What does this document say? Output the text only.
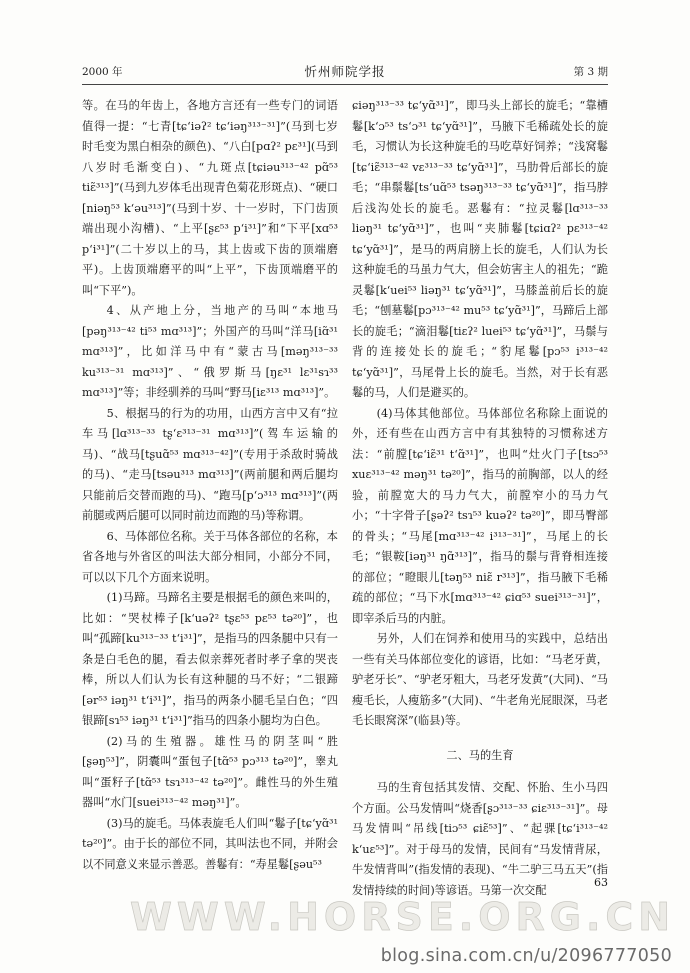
2000 年	忻州师院学报	第 3 期

等。在马的年齿上，各地方言还有一些专门的词语值得一提：“七青[tɕʻiəʔ² tɕʻiəŋ³¹³⁻³¹]”(马到七岁时毛变为黑白相杂的颜色)、“八白[pɑʔ² pɛ³¹](马到八岁时毛渐变白)、“九斑点[tɕiəu³¹³⁻⁴² pɑ̃⁵³ tiɛ̃³¹³]”(马到九岁体毛出现青色菊花形斑点)、“硬口[niəŋ⁵³ kʻəu³¹³]”(马到十岁、十一岁时，下门齿顶端出现小沟槽)、“上平[ʂɛ⁵³ pʻi³¹]”和“下平[xɑ⁵³ pʻi³¹]”(二十岁以上的马，其上齿或下齿的顶端磨平)。上齿顶端磨平的叫“上平”，下齿顶端磨平的叫“下平”)。

4、从产地上分，当地产的马叫“本地马[pəŋ³¹³⁻⁴² ti⁵³ mɑ³¹³]”；外国产的马叫“洋马[iɑ̃³¹ mɑ³¹³]”，比如洋马中有“蒙古马[məŋ³¹³⁻³³ ku³¹³⁻³¹ mɑ³¹³]”、“俄罗斯马[ŋɛ³¹ lɛ³¹sɿ³³ mɑ³¹³]”等；非经驯养的马叫“野马[iɛ³¹³ mɑ³¹³]”。

5、根据马的行为的功用，山西方言中又有“拉车马[lɑ³¹³⁻³³ tʂʻɛ³¹³⁻³¹ mɑ³¹³]”(驾车运输的马)、“战马[tʂuɑ̃⁵³ mɑ³¹³⁻⁴²]”(专用于杀敌时骑战的马)、“走马[tsəu³¹³ mɑ³¹³]”(两前腿和两后腿均只能前后交替而跑的马)、“跑马[pʻɔ³¹³ mɑ³¹³]”(两前腿或两后腿可以同时前边而跑的马)等称谓。

6、马体部位名称。关于马体各部位的名称，本省各地与外省区的叫法大部分相同，小部分不同，可以以下几个方面来说明。

(1)马蹄。马蹄名主要是根据毛的颜色来叫的，比如：“哭杖棒子[kʻuəʔ² tʂɛ⁵³ pɛ⁵³ tə²⁰]”，也叫“孤蹄[ku³¹³⁻³³ tʻi³¹]”，是指马的四条腿中只有一条是白毛色的腿，看去似亲葬死者时孝子拿的哭丧棒，所以人们认为长有这种腿的马不好；“二银蹄[ər⁵³ iəŋ³¹ tʻi³¹]”，指马的两条小腿毛呈白色；“四银蹄[sɿ⁵³ iəŋ³¹ tʻi³¹]”指马的四条小腿均为白色。

(2)马的生殖器。雄性马的阴茎叫“胜[ʂəŋ⁵³]”，阴囊叫“蛋包子[tɑ̃⁵³ pɔ³¹³ tə²⁰]”，睾丸叫“蛋籽子[tɑ̃⁵³ tsɿ³¹³⁻⁴² tə²⁰]”。雌性马的外生殖器叫“水门[suei³¹³⁻⁴² məŋ³¹]”。

(3)马的旋毛。马体表旋毛人们叫“鬈子[tɕʻyɑ̃³¹ tə²⁰]”。由于长的部位不同，其叫法也不同，并附会以不同意义来显示善恶。善鬈有：“寿星鬈[ʂəu⁵³

ɕiəŋ³¹³⁻³³ tɕʻyɑ̃³¹]”，即马头上部长的旋毛；“靠槽鬈[kʻɔ⁵³ tsʻɔ³¹ tɕʻyɑ̃³¹]”，马腋下毛稀疏处长的旋毛，习惯认为长这种旋毛的马吃草好饲养；“浅窝鬈[tɕʻiɛ̃³¹³⁻⁴² vɛ³¹³⁻³³ tɕʻyɑ̃³¹]”，马肋骨后部长的旋毛；“串鬃鬈[tsʻuɑ̃⁵³ tsəŋ³¹³⁻³³ tɕʻyɑ̃³¹]”，指马脖后浅沟处长的旋毛。恶鬈有：“拉灵鬈[lɑ³¹³⁻³³ liəŋ³¹ tɕʻyɑ̃³¹]”，也叫“夹肺鬈[tɕiɑʔ² pɛ³¹³⁻⁴² tɕʻyɑ̃³¹]”，是马的两肩膀上长的旋毛，人们认为长这种旋毛的马虽力气大，但会妨害主人的祖先；“跪灵鬈[kʻuei⁵³ liəŋ³¹ tɕʻyɑ̃³¹]”，马膝盖前后长的旋毛；“刨墓鬈[pɔ³¹³⁻⁴² mu⁵³ tɕʻyɑ̃³¹]”，马蹄后上部长的旋毛；“滴泪鬈[tiɛʔ² luei⁵³ tɕʻyɑ̃³¹]”，马鬃与背的连接处长的旋毛；“豹尾鬈[pɔ⁵³ i³¹³⁻⁴² tɕʻyɑ̃³¹]”，马尾骨上长的旋毛。当然，对于长有恶鬈的马，人们是避买的。

(4)马体其他部位。马体部位名称除上面说的外，还有些在山西方言中有其独特的习惯称述方法：“前膛[tɕʻiɛ̃³¹ tʻɑ̃³¹]”，也叫“灶火门子[tsɔ⁵³ xuɛ³¹³⁻⁴² məŋ³¹ tə²⁰]”，指马的前胸部，以人的经验，前膛宽大的马力气大，前膛窄小的马力气小；“十字骨子[ʂəʔ² tsɿ⁵³ kuəʔ² tə²⁰]”，即马臀部的骨头；“马尾[mɑ³¹³⁻⁴² i³¹³⁻³¹]”，马尾上的长毛；“银鞍[iəŋ³¹ ŋɑ̃³¹³]”，指马的鬃与背脊相连接的部位；“瞪眼儿[təŋ⁵³ niɛ̃ r³¹³]”，指马腋下毛稀疏的部位；“马下水[mɑ³¹³⁻⁴² ɕiɑ⁵³ suei³¹³⁻³¹]”，即宰杀后马的内脏。

另外，人们在饲养和使用马的实践中，总结出一些有关马体部位变化的谚语，比如：“马老牙黄，驴老牙长”、“驴老牙粗大，马老牙发黄”(大同)、“马瘦毛长，人瘦筋多”(大同)、“牛老角光屁眼深，马老毛长眼窝深”(临县)等。

二、马的生育

马的生育包括其发情、交配、怀胎、生小马四个方面。公马发情叫“烧香[ʂɔ³¹³⁻³³ ɕiɛ³¹³⁻³¹]”。母马发情叫“吊线[tiɔ⁵³ ɕiɛ̃⁵³]”、“起骒[tɕʻi³¹³⁻⁴² kʻuɛ⁵³]”。对于母马的发情，民间有“马发情背尿，牛发情背叫”(指发情的表现)、“牛二驴三马五天”(指发情持续的时间)等谚语。马第一次交配

63
WWW.HORSE.ORG.CN
blog.sina.com.cn/u/2096777050
